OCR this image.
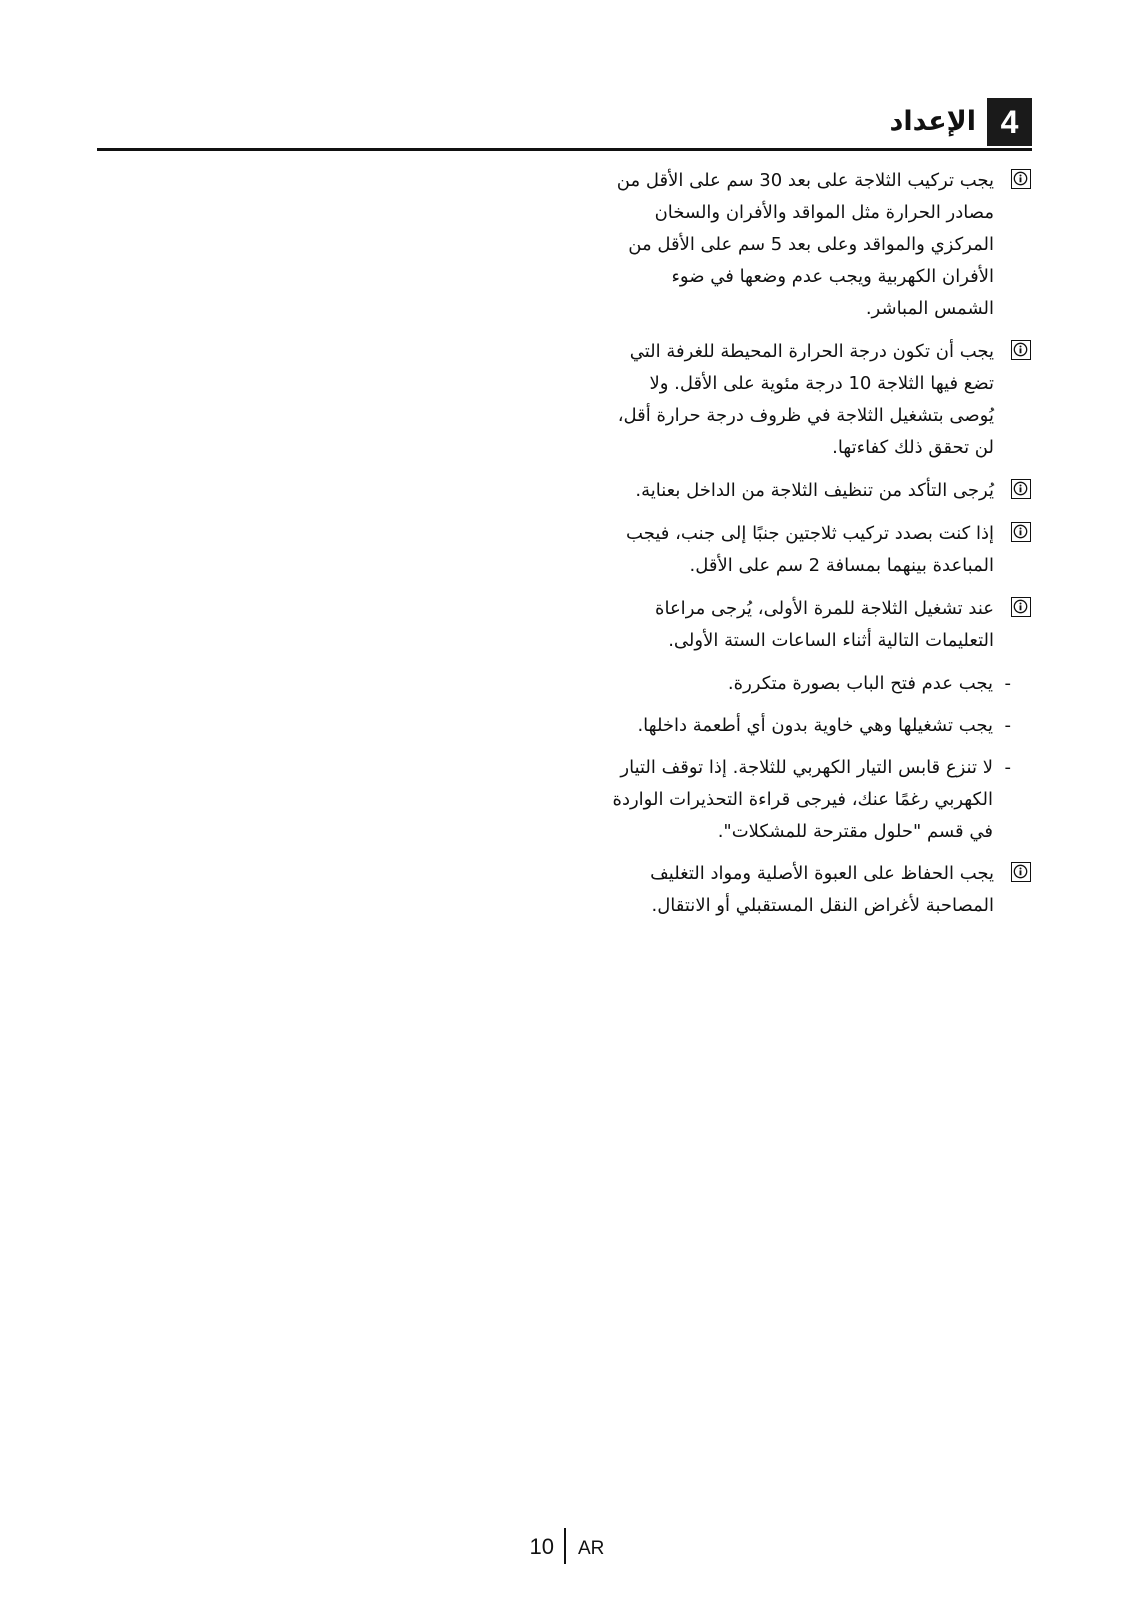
4
الإعداد
يجب تركيب الثلاجة على بعد 30 سم على الأقل من مصادر الحرارة مثل المواقد والأفران والسخان المركزي والمواقد وعلى بعد 5 سم على الأقل من الأفران الكهربية ويجب عدم وضعها في ضوء الشمس المباشر.
يجب أن تكون درجة الحرارة المحيطة للغرفة التي تضع فيها الثلاجة 10 درجة مئوية على الأقل. ولا يُوصى بتشغيل الثلاجة في ظروف درجة حرارة أقل، لن تحقق ذلك كفاءتها.
يُرجى التأكد من تنظيف الثلاجة من الداخل بعناية.
إذا كنت بصدد تركيب ثلاجتين جنبًا إلى جنب، فيجب المباعدة بينهما بمسافة 2 سم على الأقل.
عند تشغيل الثلاجة للمرة الأولى، يُرجى مراعاة التعليمات التالية أثناء الساعات الستة الأولى.
-
يجب عدم فتح الباب بصورة متكررة.
-
يجب تشغيلها وهي خاوية بدون أي أطعمة داخلها.
-
لا تنزع قابس التيار الكهربي للثلاجة. إذا توقف التيار الكهربي رغمًا عنك، فيرجى قراءة التحذيرات الواردة في قسم "حلول مقترحة للمشكلات".
يجب الحفاظ على العبوة الأصلية ومواد التغليف المصاحبة لأغراض النقل المستقبلي أو الانتقال.
10 AR
